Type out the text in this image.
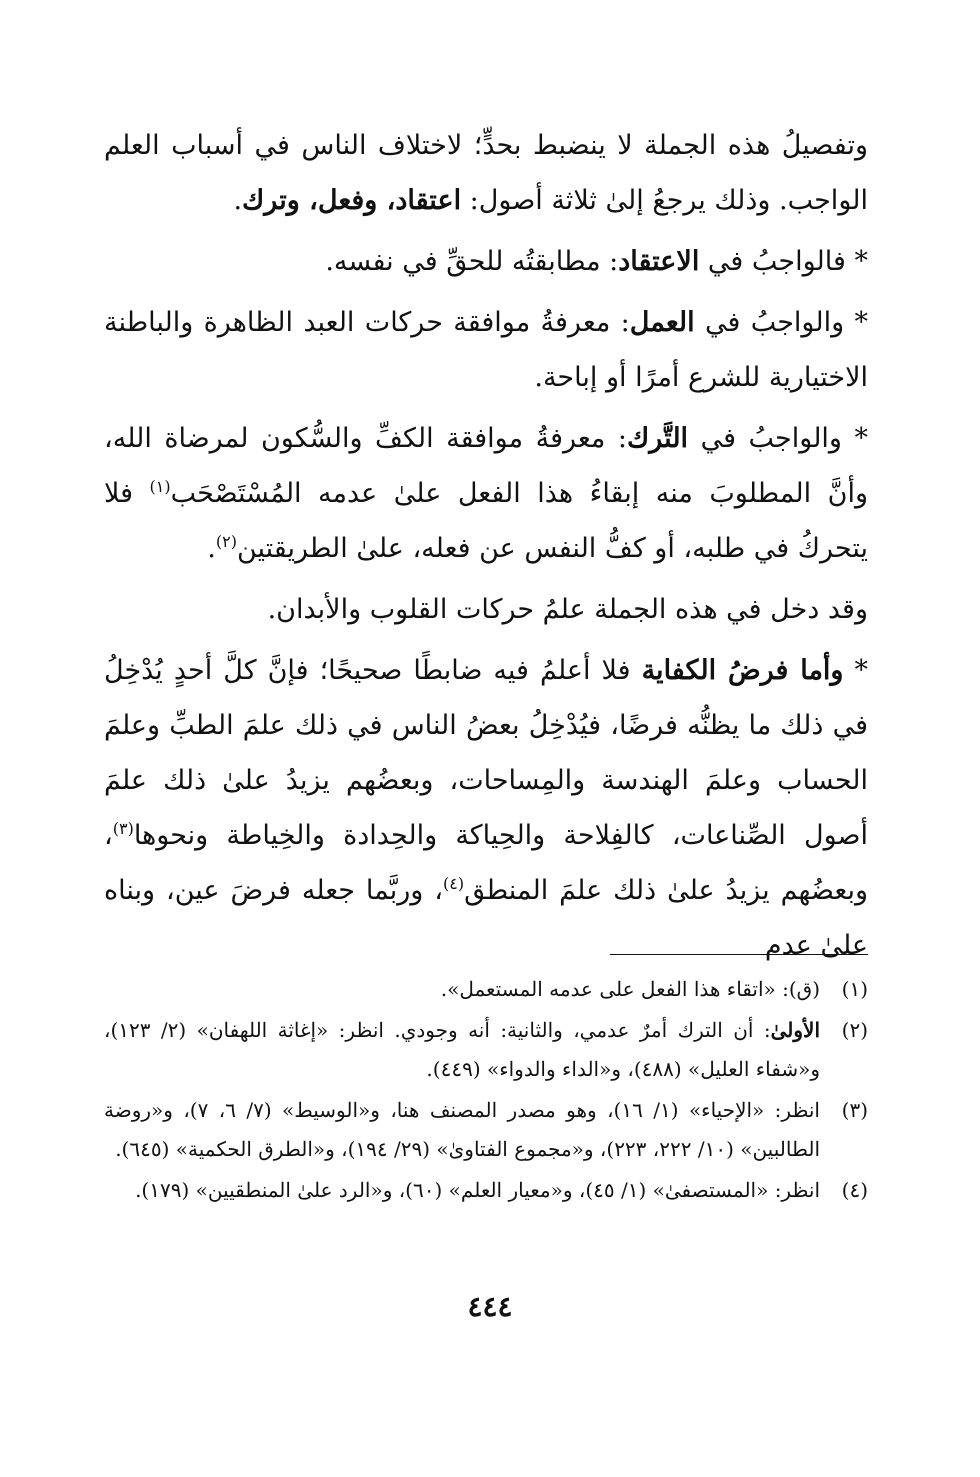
وتفصيلُ هذه الجملة لا ينضبط بحدٍّ؛ لاختلاف الناس في أسباب العلم الواجب. وذلك يرجعُ إلىٰ ثلاثة أصول: اعتقاد، وفعل، وترك.

* فالواجبُ في الاعتقاد: مطابقتُه للحقِّ في نفسه.

* والواجبُ في العمل: معرفةُ موافقة حركات العبد الظاهرة والباطنة الاختيارية للشرع أمرًا أو إباحة.

* والواجبُ في التَّرك: معرفةُ موافقة الكفِّ والسُّكون لمرضاة الله، وأنَّ المطلوبَ منه إبقاءُ هذا الفعل علىٰ عدمه المُسْتَصْحَب$^{(١)}$ فلا يتحركُ في طلبه، أو كفُّ النفس عن فعله، علىٰ الطريقتين$^{(٢)}$.

وقد دخل في هذه الجملة علمُ حركات القلوب والأبدان.

* وأما فرضُ الكفاية فلا أعلمُ فيه ضابطًا صحيحًا؛ فإنَّ كلَّ أحدٍ يُدْخِلُ في ذلك ما يظنُّه فرضًا، فيُدْخِلُ بعضُ الناس في ذلك علمَ الطبِّ وعلمَ الحساب وعلمَ الهندسة والمِساحات، وبعضُهم يزيدُ علىٰ ذلك علمَ أصول الصِّناعات، كالفِلاحة والحِياكة والحِدادة والخِياطة ونحوها$^{(٣)}$، وبعضُهم يزيدُ علىٰ ذلك علمَ المنطق$^{(٤)}$، وربَّما جعله فرضَ عين، وبناه علىٰ عدم

(١)
(ق): «اتقاء هذا الفعل على عدمه المستعمل».
(٢)
الأولىٰ: أن الترك أمرٌ عدمي، والثانية: أنه وجودي. انظر: «إغاثة اللهفان» (٢/ ١٢٣)، و«شفاء العليل» (٤٨٨)، و«الداء والدواء» (٤٤٩).
(٣)
انظر: «الإحياء» (١/ ١٦)، وهو مصدر المصنف هنا، و«الوسيط» (٧/ ٦، ٧)، و«روضة الطالبين» (١٠/ ٢٢٢، ٢٢٣)، و«مجموع الفتاوىٰ» (٢٩/ ١٩٤)، و«الطرق الحكمية» (٦٤٥).
(٤)
انظر: «المستصفىٰ» (١/ ٤٥)، و«معيار العلم» (٦٠)، و«الرد علىٰ المنطقيين» (١٧٩).
٤٤٤
